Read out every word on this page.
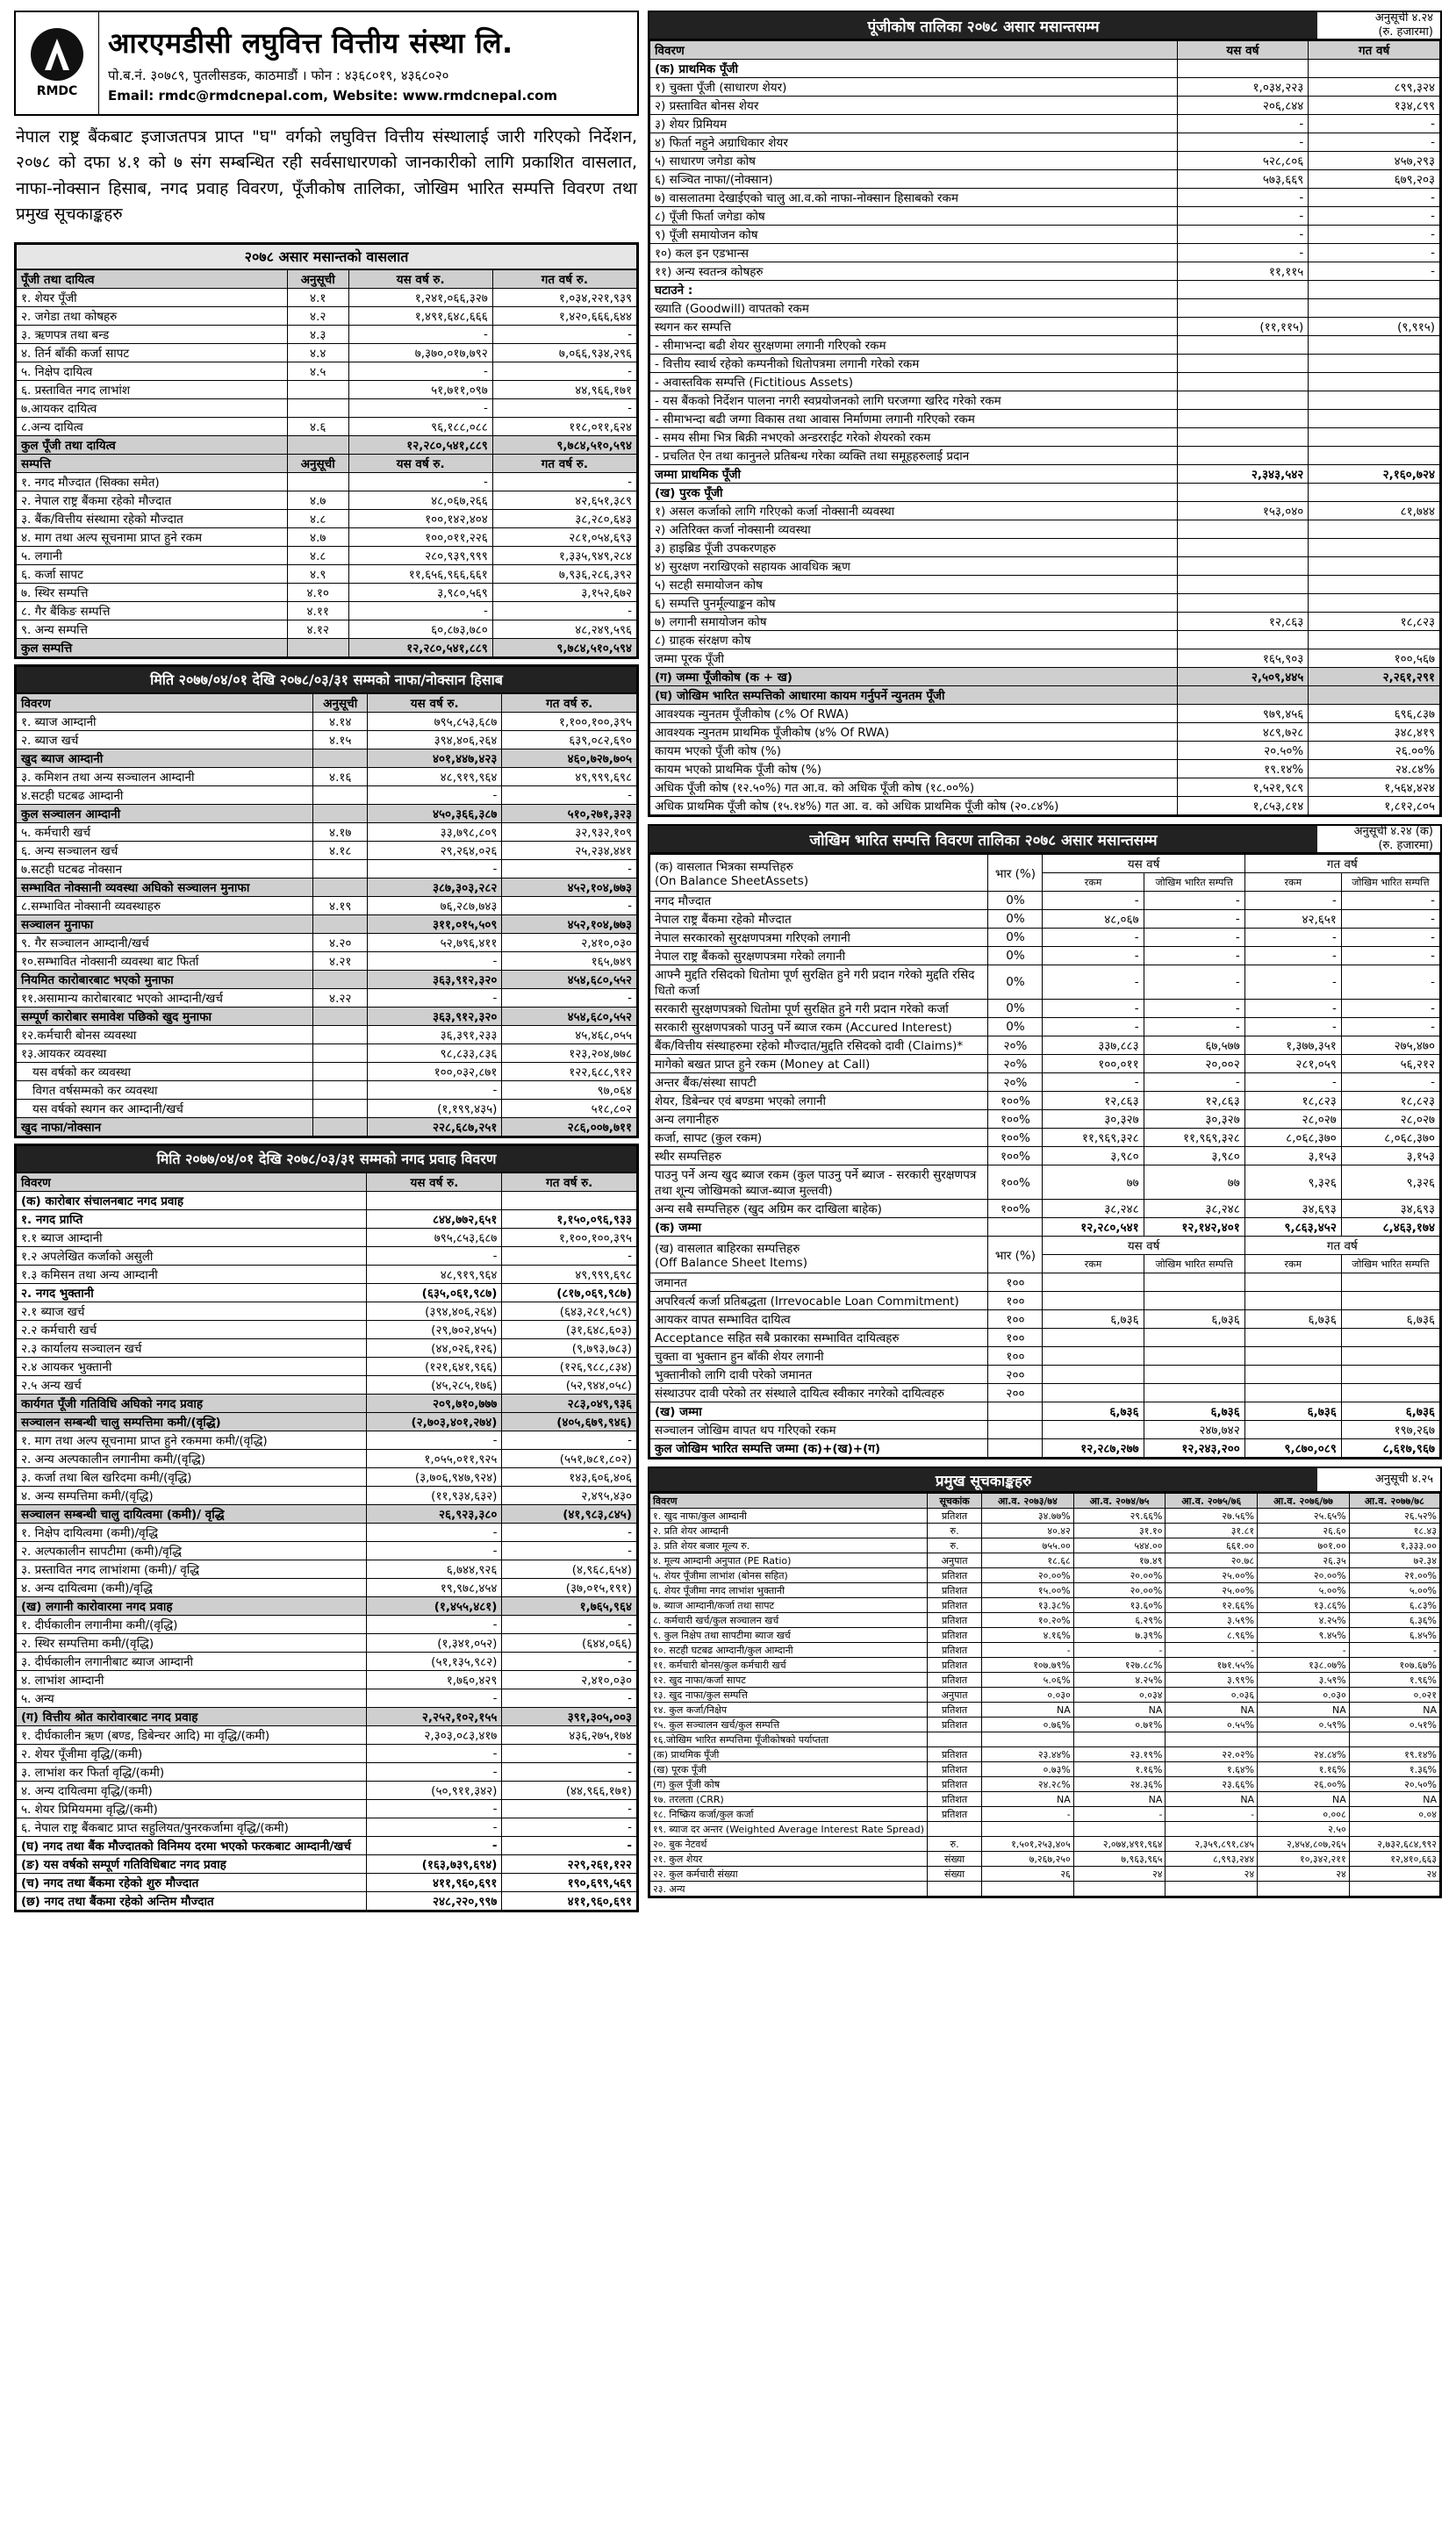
RMDC
आरएमडीसी लघुवित्त वित्तीय संस्था लि.
पो.ब.नं. ३०७८९, पुतलीसडक, काठमाडौं । फोन : ४३६८०१९, ४३६८०२०
Email: rmdc@rmdcnepal.com, Website: www.rmdcnepal.com
नेपाल राष्ट्र बैंकबाट इजाजतपत्र प्राप्त "घ" वर्गको लघुवित्त वित्तीय संस्थालाई जारी गरिएको निर्देशन, २०७८ को दफा ४.१ को ७ संग सम्बन्धित रही सर्वसाधारणको जानकारीको लागि प्रकाशित वासलात, नाफा-नोक्सान हिसाब, नगद प्रवाह विवरण, पूँजीकोष तालिका, जोखिम भारित सम्पत्ति विवरण तथा प्रमुख सूचकाङ्कहरु
२०७८ असार मसान्तको वासलात
पूँजी तथा दायित्व	अनुसूची	यस वर्ष रु.	गत वर्ष रु.
१. शेयर पूँजी	४.१	१,२४१,०६६,३२७	१,०३४,२२१,९३९
२. जगेडा तथा कोषहरु	४.२	१,४९१,६४८,६६६	१,४२०,६६६,६४४
३. ऋणपत्र तथा बन्ड	४.३	-	-
४. तिर्न बाँकी कर्जा सापट	४.४	७,३७०,०१७,७९२	७,०६६,९३४,२९६
५. निक्षेप दायित्व	४.५	-	-
६. प्रस्तावित नगद लाभांश		५१,७११,०९७	४४,९६६,१७१
७.आयकर दायित्व		-	-
८.अन्य दायित्व	४.६	९६,१८८,०८८	११८,०११,६२४
कुल पूँजी तथा दायित्व		१२,२८०,५४१,८८९	९,७८४,५१०,५९४
सम्पत्ति	अनुसूची	यस वर्ष रु.	गत वर्ष रु.
१. नगद मौज्दात (सिक्का समेत)		-	-
२. नेपाल राष्ट्र बैंकमा रहेको मौज्दात	४.७	४८,०६७,२६६	४२,६५१,३८९
३. बैंक/वित्तीय संस्थामा रहेको मौज्दात	४.८	१००,१४२,४०४	३८,२८०,६४३
४. माग तथा अल्प सूचनामा प्राप्त हुने रकम	४.७	१००,०११,२२६	२८१,०५४,६९३
५. लगानी	४.८	२८०,९३९,९९९	१,३३५,९४९,२८४
६. कर्जा सापट	४.९	११,६५६,९६६,६६१	७,९३६,२८६,३९२
७. स्थिर सम्पत्ति	४.१०	३,९८०,५६९	३,१५२,६७२
८. गैर बैंकिङ सम्पत्ति	४.११	-	-
९. अन्य सम्पत्ति	४.१२	६०,८७३,७८०	४८,२४९,५९६
कुल सम्पत्ति		१२,२८०,५४१,८८९	९,७८४,५१०,५९४
मिति २०७७/०४/०१ देखि २०७८/०३/३१ सम्मको नाफा/नोक्सान हिसाब
विवरण	अनुसूची	यस वर्ष रु.	गत वर्ष रु.
१. ब्याज आम्दानी	४.१४	७९५,८५३,६८७	१,१००,१००,३९५
२. ब्याज खर्च	४.१५	३९४,४०६,२६४	६३९,०८२,६९०
खुद ब्याज आम्दानी		४०१,४४७,४२३	४६०,७२७,७०५
३. कमिशन तथा अन्य सञ्चालन आम्दानी	४.१६	४८,९१९,९६४	४९,९९९,६९८
४.सटही घटबढ आम्दानी		-	-
कुल सञ्चालन आम्दानी		४५०,३६६,३८७	५१०,२७१,३२३
५. कर्मचारी खर्च	४.१७	३३,७९८,८०९	३२,९३२,१०९
६. अन्य सञ्चालन खर्च	४.१८	२९,२६४,०२६	२५,२३४,४४१
७.सटही घटबढ नोक्सान		-	-
सम्भावित नोक्सानी व्यवस्था अघिको सञ्चालन मुनाफा		३८७,३०३,२८२	४५२,१०४,७७३
८.सम्भावित नोक्सानी व्यवस्थाहरु	४.१९	७६,२८७,७४३	-
सञ्चालन मुनाफा		३११,०१५,५०९	४५२,१०४,७७३
९. गैर सञ्चालन आम्दानी/खर्च	४.२०	५२,७९६,४११	२,४१०,०३०
१०.सम्भावित नोक्सानी व्यवस्था बाट फिर्ता	४.२१	-	१६५,७४९
नियमित कारोबारबाट भएको मुनाफा		३६३,९१२,३२०	४५४,६८०,५५२
११.असामान्य कारोबारबाट भएको आम्दानी/खर्च	४.२२	-	-
सम्पूर्ण कारोबार समावेश पछिको खुद मुनाफा		३६३,९१२,३२०	४५४,६८०,५५२
१२.कर्मचारी बोनस व्यवस्था		३६,३९१,२३३	४५,४६८,०५५
१३.आयकर व्यवस्था		९८,८३३,८३६	१२३,२०४,७७८
यस वर्षको कर व्यवस्था		१००,०३२,८७१	१२२,६८८,९१२
विगत वर्षसम्मको कर व्यवस्था		-	९७,०६४
यस वर्षको स्थगन कर आम्दानी/खर्च		(१,१९९,४३५)	५१८,८०२
खुद नाफा/नोक्सान		२२८,६८७,२५१	२८६,००७,७११
मिति २०७७/०४/०१ देखि २०७८/०३/३१ सम्मको नगद प्रवाह विवरण
विवरण	यस वर्ष रु.	गत वर्ष रु.
(क) कारोबार संचालनबाट नगद प्रवाह		
१. नगद प्राप्ति	८४४,७७२,६५१	१,१५०,०९६,९३३
१.१ ब्याज आम्दानी	७९५,८५३,६८७	१,१००,१००,३९५
१.२ अपलेखित कर्जाको असुली	-	-
१.३ कमिसन तथा अन्य आम्दानी	४८,९१९,९६४	४९,९९९,६९८
२. नगद भुक्तानी	(६३५,०६१,९८७)	(८१७,०६९,९८७)
२.१ ब्याज खर्च	(३९४,४०६,२६४)	(६४३,२८१,५८९)
२.२ कर्मचारी खर्च	(२९,७०२,४५५)	(३१,६४८,६०३)
२.३ कार्यालय सञ्चालन खर्च	(४४,०२६,१२६)	(९,७९३,७८३)
२.४ आयकर भुक्तानी	(१२१,६४१,९६६)	(१२६,९८८,८३४)
२.५ अन्य खर्च	(४५,२८५,१७६)	(५२,९४४,०५८)
कार्यगत पूँजी गतिविधि अघिको नगद प्रवाह	२०९,७१०,७७७	२८३,०४९,९३६
सञ्चालन सम्बन्धी चालु सम्पत्तिमा कमी/(वृद्धि)	(२,७०३,४०१,२७४)	(४०५,६७९,९४६)
१. माग तथा अल्प सूचनामा प्राप्त हुने रकममा कमी/(वृद्धि)	-	-
२. अन्य अल्पकालीन लगानीमा कमी/(वृद्धि)	१,०५५,०११,९२५	(५५१,७८१,८०२)
३. कर्जा तथा बिल खरिदमा कमी/(वृद्धि)	(३,७०६,९४७,९२४)	१४३,६०६,४०६
४. अन्य सम्पत्तिमा कमी/(वृद्धि)	(११,९३४,६३२)	२,४९५,४३०
सञ्चालन सम्बन्धी चालु दायित्वमा (कमी)/ वृद्धि	२६,९२३,३८०	(४१,९८३,८४५)
१. निक्षेप दायित्वमा (कमी)/वृद्धि	-	-
२. अल्पकालीन सापटीमा (कमी)/वृद्धि	-	-
३. प्रस्तावित नगद लाभांशमा (कमी)/ वृद्धि	६,७४४,९२६	(४,९६८,६५४)
४. अन्य दायित्वमा (कमी)/वृद्धि	१९,९७८,४५४	(३७,०१५,१९१)
(ख) लगानी कारोवारमा नगद प्रवाह	(१,४५५,४८१)	१,७६५,९६४
१. दीर्घकालीन लगानीमा कमी/(वृद्धि)	-	-
२. स्थिर सम्पत्तिमा कमी/(वृद्धि)	(१,३४१,०५२)	(६४४,०६६)
३. दीर्घकालीन लगानीबाट ब्याज आम्दानी	(५१,१३५,९८२)	-
४. लाभांश आम्दानी	१,७६०,४२९	२,४१०,०३०
५. अन्य	-	-
(ग) वित्तीय श्रोत कारोवारबाट नगद प्रवाह	२,२५२,१०२,१५५	३९१,३०५,००३
१. दीर्घकालीन ऋण (बण्ड, डिबेन्चर आदि) मा वृद्धि/(कमी)	२,३०३,०८३,४१७	४३६,२७५,१७४
२. शेयर पूँजीमा वृद्धि/(कमी)	-	-
३. लाभांश कर फिर्ता वृद्धि/(कमी)	-	-
४. अन्य दायित्वमा वृद्धि/(कमी)	(५०,९११,३४२)	(४४,९६६,१७१)
५. शेयर प्रिमियममा वृद्धि/(कमी)	-	-
६. नेपाल राष्ट्र बैंकबाट प्राप्त सहुलियत/पुनरकर्जामा वृद्धि/(कमी)	-	-
(घ) नगद तथा बैंक मौज्दातको विनिमय दरमा भएको फरकबाट आम्दानी/खर्च	-	-
(ङ) यस वर्षको सम्पूर्ण गतिविधिबाट नगद प्रवाह	(१६३,७३९,६९४)	२२९,२६१,१२२
(च) नगद तथा बैंकमा रहेको शुरु मौज्दात	४११,९६०,६९१	१९०,६९९,५६९
(छ) नगद तथा बैंकमा रहेको अन्तिम मौज्दात	२४८,२२०,९९७	४११,९६०,६९१
पूंजीकोष तालिका २०७८ असार मसान्तसम्म	अनुसूची ४.२४
(रु. हजारमा)
विवरण	यस वर्ष	गत वर्ष
(क) प्राथमिक पूँजी		
१) चुक्ता पूँजी (साधारण शेयर)	१,०३४,२२३	८९९,३२४
२) प्रस्तावित बोनस शेयर	२०६,८४४	१३४,८९९
३) शेयर प्रिमियम	-	-
४) फिर्ता नहुने अग्राधिकार शेयर	-	-
५) साधारण जगेडा कोष	५२८,८०६	४५७,२९३
६) सञ्चित नाफा/(नोक्सान)	५७३,६६९	६७९,२०३
७) वासलातमा देखाईएको चालु आ.व.को नाफा-नोक्सान हिसाबको रकम	-	-
८) पूँजी फिर्ता जगेडा कोष	-	-
९) पूँजी समायोजन कोष	-	-
१०) कल इन एडभान्स	-	-
११) अन्य स्वतन्त्र कोषहरु	११,११५	-
घटाउने :		
ख्याति (Goodwill) वापतको रकम		
स्थगन कर सम्पत्ति	(११,११५)	(९,९१५)
- सीमाभन्दा बढी शेयर सुरक्षणमा लगानी गरिएको रकम		
- वित्तीय स्वार्थ रहेको कम्पनीको धितोपत्रमा लगानी गरेको रकम		
- अवास्तविक सम्पत्ति (Fictitious Assets)		
- यस बैंकको निर्देशन पालना नगरी स्वप्रयोजनको लागि घरजग्गा खरिद गरेको रकम		
- सीमाभन्दा बढी जग्गा विकास तथा आवास निर्माणमा लगानी गरिएको रकम		
- समय सीमा भित्र बिक्री नभएको अन्डरराईट गरेको शेयरको रकम		
- प्रचलित ऐन तथा कानुनले प्रतिबन्ध गरेका व्यक्ति तथा समूहहरुलाई प्रदान		
जम्मा प्राथमिक पूँजी	२,३४३,५४२	२,१६०,७२४
(ख) पुरक पूँजी		
१) असल कर्जाको लागि गरिएको कर्जा नोक्सानी व्यवस्था	१५३,०४०	८१,७४४
२) अतिरिक्त कर्जा नोक्सानी व्यवस्था		
३) हाइब्रिड पूँजी उपकरणहरु		
४) सुरक्षण नराखिएको सहायक आवधिक ऋण		
५) सटही समायोजन कोष		
६) सम्पत्ति पुनर्मूल्याङ्कन कोष		
७) लगानी समायोजन कोष	१२,८६३	१८,८२३
८) ग्राहक संरक्षण कोष		
जम्मा पूरक पूँजी	१६५,९०३	१००,५६७
(ग) जम्मा पूँजीकोष (क + ख)	२,५०९,४४५	२,२६१,२९१
(घ) जोखिम भारित सम्पत्तिको आधारमा कायम गर्नुपर्ने न्युनतम पूँजी		
आवश्यक न्युनतम पूँजीकोष (८% Of RWA)	९७९,४५६	६९६,८३७
आवश्यक न्युनतम प्राथमिक पूँजीकोष (४% Of RWA)	४८९,७२८	३४८,४१९
कायम भएको पूँजी कोष (%)	२०.५०%	२६.००%
कायम भएको प्राथमिक पूँजी कोष (%)	१९.१४%	२४.८४%
अधिक पूँजी कोष (१२.५०%) गत आ.व. को अधिक पूँजी कोष (१८.००%)	१,५२१,९८९	१,५६४,४२४
अधिक प्राथमिक पूँजी कोष (१५.१४%) गत आ. व. को अधिक प्राथमिक पूँजी कोष (२०.८४%)	१,८५३,८१४	१,८१२,८०५
जोखिम भारित सम्पत्ति विवरण तालिका २०७८ असार मसान्तसम्म	अनुसूची ४.२४ (क)
(रु. हजारमा)
(क) वासलात भित्रका सम्पत्तिहरु
(On Balance SheetAssets)	भार (%)	यस वर्ष		गत वर्ष	
		रकम	जोखिम भारित सम्पत्ति	रकम	जोखिम भारित सम्पत्ति
नगद मौज्दात	0%	-	-	-	-
नेपाल राष्ट्र बैंकमा रहेको मौज्दात	0%	४८,०६७	-	४२,६५१	-
नेपाल सरकारको सुरक्षणपत्रमा गरिएको लगानी	0%	-	-	-	-
नेपाल राष्ट्र बैंकको सुरक्षणपत्रमा गरेको लगानी	0%	-	-	-	-
आफ्नै मुद्दति रसिदको धितोमा पूर्ण सुरक्षित हुने गरी प्रदान गरेको मुद्दति रसिद धितो कर्जा	0%	-	-	-	-
सरकारी सुरक्षणपत्रको धितोमा पूर्ण सुरक्षित हुने गरी प्रदान गरेको कर्जा	0%	-	-	-	-
सरकारी सुरक्षणपत्रको पाउनु पर्ने ब्याज रकम (Accured Interest)	0%	-	-	-	-
बैंक/वित्तीय संस्थाहरुमा रहेको मौज्दात/मुद्दति रसिदको दावी (Claims)*	२०%	३३७,८८३	६७,५७७	१,३७७,३५१	२७५,४७०
मागेको बखत प्राप्त हुने रकम (Money at Call)	२०%	१००,०११	२०,००२	२८१,०५९	५६,२१२
अन्तर बैंक/संस्था सापटी	२०%	-	-	-	-
शेयर, डिबेन्चर एवं बण्डमा भएको लगानी	१००%	१२,८६३	१२,८६३	१८,८२३	१८,८२३
अन्य लगानीहरु	१००%	३०,३२७	३०,३२७	२८,०२७	२८,०२७
कर्जा, सापट (कुल रकम)	१००%	११,९६९,३२८	११,९६९,३२८	८,०६८,३७०	८,०६८,३७०
स्थीर सम्पत्तिहरु	१००%	३,९८०	३,९८०	३,१५३	३,१५३
पाउनु पर्ने अन्य खुद ब्याज रकम (कुल पाउनु पर्ने ब्याज - सरकारी सुरक्षणपत्र तथा शून्य जोखिमको ब्याज-ब्याज मुल्तवी)	१००%	७७	७७	९,३२६	९,३२६
अन्य सबै सम्पत्तिहरु (खुद अग्रिम कर दाखिला बाहेक)	१००%	३८,२४८	३८,२४८	३४,६९३	३४,६९३
(क) जम्मा		१२,२८०,५४१	१२,१४२,४०१	९,८६३,४५२	८,४६३,१७४
(ख) वासलात बाहिरका सम्पत्तिहरु
(Off Balance Sheet Items)	भार (%)	यस वर्ष		गत वर्ष	
		रकम	जोखिम भारित सम्पत्ति	रकम	जोखिम भारित सम्पत्ति
जमानत	१००				
अपरिवर्त्य कर्जा प्रतिबद्धता (Irrevocable Loan Commitment)	१००				
आयकर वापत सम्भावित दायित्व	१००	६,७३६	६,७३६	६,७३६	६,७३६
Acceptance सहित सबै प्रकारका सम्भावित दायित्वहरु	१००				
चुक्ता वा भुक्तान हुन बाँकी शेयर लगानी	१००				
भुक्तानीको लागि दावी परेको जमानत	२००				
संस्थाउपर दावी परेको तर संस्थाले दायित्व स्वीकार नगरेको दायित्वहरु	२००				
(ख) जम्मा		६,७३६	६,७३६	६,७३६	६,७३६
सञ्चालन जोखिम वापत थप गरिएको रकम			२४७,७४२		१९७,२६७
कुल जोखिम भारित सम्पत्ति जम्मा (क)+(ख)+(ग)		१२,२८७,२७७	१२,२४३,२००	९,८७०,०८९	८,६१७,९६७
प्रमुख सूचकाङ्कहरु	अनुसूची ४.२५
विवरण	सूचकांक	आ.व. २०७३/७४	आ.व. २०७४/७५	आ.व. २०७५/७६	आ.व. २०७६/७७	आ.व. २०७७/७८
१. खुद नाफा/कुल आम्दानी	प्रतिशत	३४.७७%	२९.६६%	२७.५६%	२५.६५%	२६.५२%
२. प्रति शेयर आम्दानी	रु.	४०.४२	३१.१०	३१.८१	२६.६०	१८.४३
३. प्रति शेयर बजार मूल्य रु.	रु.	७५५.००	५४४.००	६६१.००	७०१.००	१,३३३.००
४. मूल्य आम्दानी अनुपात (PE Ratio)	अनुपात	१८.६८	१७.४९	२०.७८	२६.३५	७२.३४
५. शेयर पूँजीमा लाभांश (बोनस सहित)	प्रतिशत	२०.००%	२०.००%	२५.००%	२०.००%	२१.००%
६. शेयर पूँजीमा नगद लाभांश भुक्तानी	प्रतिशत	१५.००%	२०.००%	२५.००%	५.००%	५.००%
७. ब्याज आम्दानी/कर्जा तथा सापट	प्रतिशत	१३.३८%	१३.६०%	१२.६६%	१३.८६%	६.८३%
८. कर्मचारी खर्च/कुल सञ्चालन खर्च	प्रतिशत	१०.२०%	६.२९%	३.५९%	४.२५%	६.३६%
९. कुल निक्षेप तथा सापटीमा ब्याज खर्च	प्रतिशत	४.१६%	७.३९%	८.९६%	९.४५%	६.४५%
१०. सटही घटबढ आम्दानी/कुल आम्दानी	प्रतिशत	-	-	-	-	-
११. कर्मचारी बोनस/कुल कर्मचारी खर्च	प्रतिशत	१०७.७९%	१२७.८८%	१७१.५५%	१३८.०७%	१०७.६७%
१२. खुद नाफा/कर्जा सापट	प्रतिशत	५.०६%	४.२५%	३.९९%	३.५९%	१.९६%
१३. खुद नाफा/कुल सम्पत्ति	अनुपात	०.०३०	०.०३४	०.०३६	०.०३०	०.०२१
१४. कुल कर्जा/निक्षेप	प्रतिशत	NA	NA	NA	NA	NA
१५. कुल सञ्चालन खर्च/कुल सम्पत्ति	प्रतिशत	०.७६%	०.७१%	०.५५%	०.५९%	०.५१%
१६.जोखिम भारित सम्पत्तिमा पूँजीकोषको पर्याप्तता						
(क) प्राथमिक पूँजी	प्रतिशत	२३.४४%	२३.१९%	२२.०२%	२४.८४%	१९.१४%
(ख) पूरक पूँजी	प्रतिशत	०.७३%	१.१६%	१.६४%	१.१६%	१.३६%
(ग) कुल पूँजी कोष	प्रतिशत	२४.२८%	२४.३६%	२३.६६%	२६.००%	२०.५०%
१७. तरलता (CRR)	प्रतिशत	NA	NA	NA	NA	NA
१८. निष्क्रिय कर्जा/कुल कर्जा	प्रतिशत	-	-	-	०.००८	०.०४
१९. ब्याज दर अन्तर (Weighted Average Interest Rate Spread)					२.५०	
२०. बुक नेटवर्थ	रु.	१,५०१,२५३,४०५	२,०७४,४९१,९६४	२,३५९,८९१,८४५	२,४५४,८०७,२६५	२,७३२,६८४,९९२
२१. कुल शेयर	संख्या	७,२६७,२५०	७,९६३,९६५	८,९९३,२४४	१०,३४२,२११	१२,४१०,६६३
२२. कुल कर्मचारी संख्या	संख्या	२६	२४	२४	२४	२४
२३. अन्य						
